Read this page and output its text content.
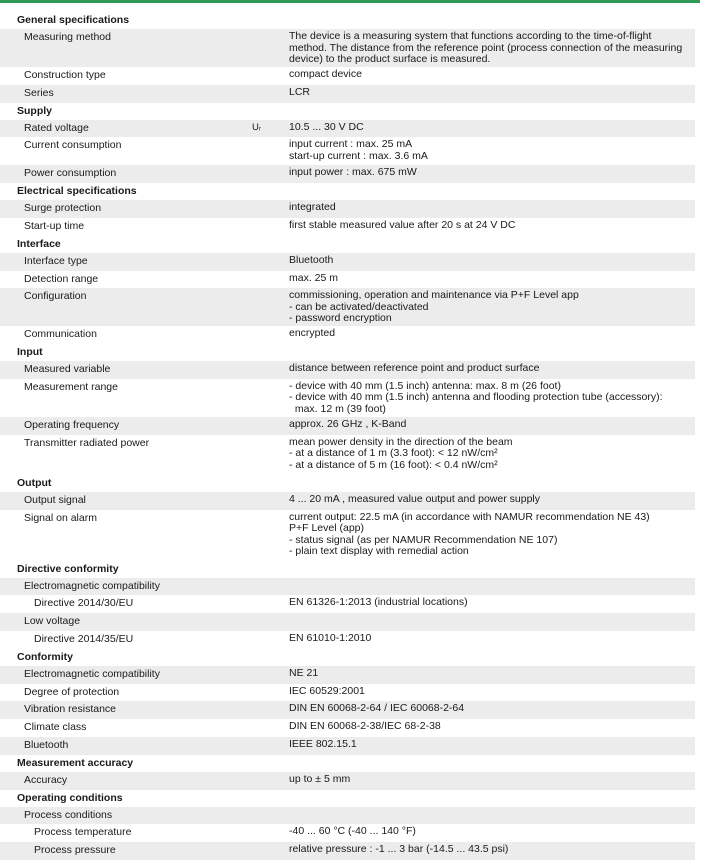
General specifications
Measuring method	The device is a measuring system that functions according to the time-of-flight
method. The distance from the reference point (process connection of the measuring
device) to the product surface is measured.
Construction type	compact device
Series	LCR
Supply
Rated voltage	Uᵣ	10.5 ... 30 V DC
Current consumption	input current : max. 25 mA
start-up current : max. 3.6 mA
Power consumption	input power : max. 675 mW
Electrical specifications
Surge protection	integrated
Start-up time	first stable measured value after 20 s at 24 V DC
Interface
Interface type	Bluetooth
Detection range	max. 25 m
Configuration	commissioning, operation and maintenance via P+F Level app
- can be activated/deactivated
- password encryption
Communication	encrypted
Input
Measured variable	distance between reference point and product surface
Measurement range	- device with 40 mm (1.5 inch) antenna: max. 8 m (26 foot)
- device with 40 mm (1.5 inch) antenna and flooding protection tube (accessory):
max. 12 m (39 foot)
Operating frequency	approx. 26 GHz , K-Band
Transmitter radiated power	mean power density in the direction of the beam
- at a distance of 1 m (3.3 foot): < 12 nW/cm²
- at a distance of 5 m (16 foot): < 0.4 nW/cm²
Output
Output signal	4 ... 20 mA , measured value output and power supply
Signal on alarm	current output: 22.5 mA (in accordance with NAMUR recommendation NE 43)
P+F Level (app)
- status signal (as per NAMUR Recommendation NE 107)
- plain text display with remedial action
Directive conformity
Electromagnetic compatibility
Directive 2014/30/EU	EN 61326-1:2013 (industrial locations)
Low voltage
Directive 2014/35/EU	EN 61010-1:2010
Conformity
Electromagnetic compatibility	NE 21
Degree of protection	IEC 60529:2001
Vibration resistance	DIN EN 60068-2-64 / IEC 60068-2-64
Climate class	DIN EN 60068-2-38/IEC 68-2-38
Bluetooth	IEEE 802.15.1
Measurement accuracy
Accuracy	up to ± 5 mm
Operating conditions
Process conditions
Process temperature	-40 ... 60 °C (-40 ... 140 °F)
Process pressure	relative pressure : -1 ... 3 bar (-14.5 ... 43.5 psi)
